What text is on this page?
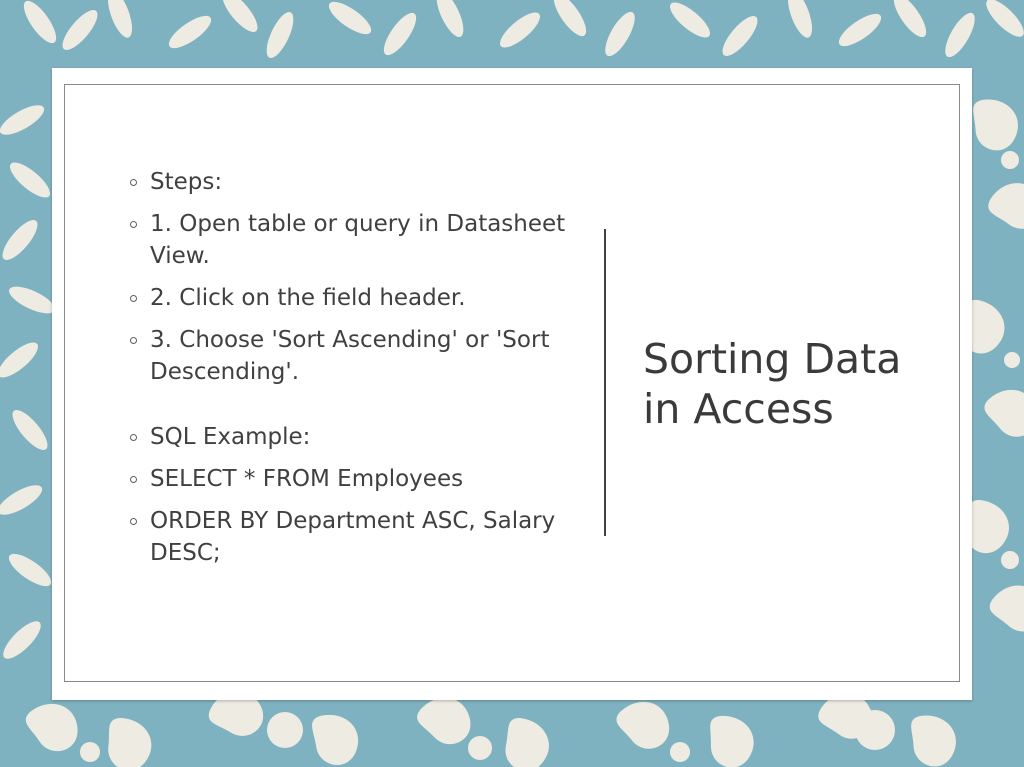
Steps:
1. Open table or query in Datasheet View.
2. Click on the field header.
3. Choose 'Sort Ascending' or 'Sort Descending'.
SQL Example:
SELECT * FROM Employees
ORDER BY Department ASC, Salary DESC;
Sorting Data in Access
